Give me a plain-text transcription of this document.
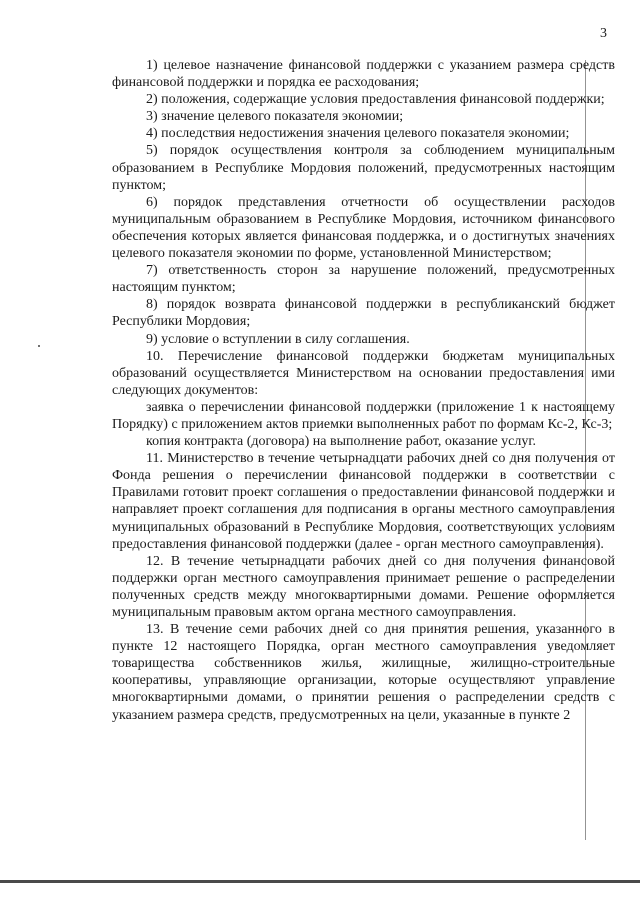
3

1) целевое назначение финансовой поддержки с указанием размера средств финансовой поддержки и порядка ее расходования;

2) положения, содержащие условия предоставления финансовой поддержки;

3) значение целевого показателя экономии;

4) последствия недостижения значения целевого показателя экономии;

5) порядок осуществления контроля за соблюдением муниципальным образованием в Республике Мордовия положений, предусмотренных настоящим пунктом;

6) порядок представления отчетности об осуществлении расходов муниципальным образованием в Республике Мордовия, источником финансового обеспечения которых является финансовая поддержка, и о достигнутых значениях целевого показателя экономии по форме, установленной Министерством;

7) ответственность сторон за нарушение положений, предусмотренных настоящим пунктом;

8) порядок возврата финансовой поддержки в республиканский бюджет Республики Мордовия;

9) условие о вступлении в силу соглашения.

10. Перечисление финансовой поддержки бюджетам муниципальных образований осуществляется Министерством на основании предоставления ими следующих документов:

заявка о перечислении финансовой поддержки (приложение 1 к настоящему Порядку) с приложением актов приемки выполненных работ по формам Кс-2, Кс-3;

копия контракта (договора) на выполнение работ, оказание услуг.

11. Министерство в течение четырнадцати рабочих дней со дня получения от Фонда решения о перечислении финансовой поддержки в соответствии с Правилами готовит проект соглашения о предоставлении финансовой поддержки и направляет проект соглашения для подписания в органы местного самоуправления муниципальных образований в Республике Мордовия, соответствующих условиям предоставления финансовой поддержки (далее - орган местного самоуправления).

12. В течение четырнадцати рабочих дней со дня получения финансовой поддержки орган местного самоуправления принимает решение о распределении полученных средств между многоквартирными домами. Решение оформляется муниципальным правовым актом органа местного самоуправления.

13. В течение семи рабочих дней со дня принятия решения, указанного в пункте 12 настоящего Порядка, орган местного самоуправления уведомляет товарищества собственников жилья, жилищные, жилищно-строительные кооперативы, управляющие организации, которые осуществляют управление многоквартирными домами, о принятии решения о распределении средств с указанием размера средств, предусмотренных на цели, указанные в пункте 2
